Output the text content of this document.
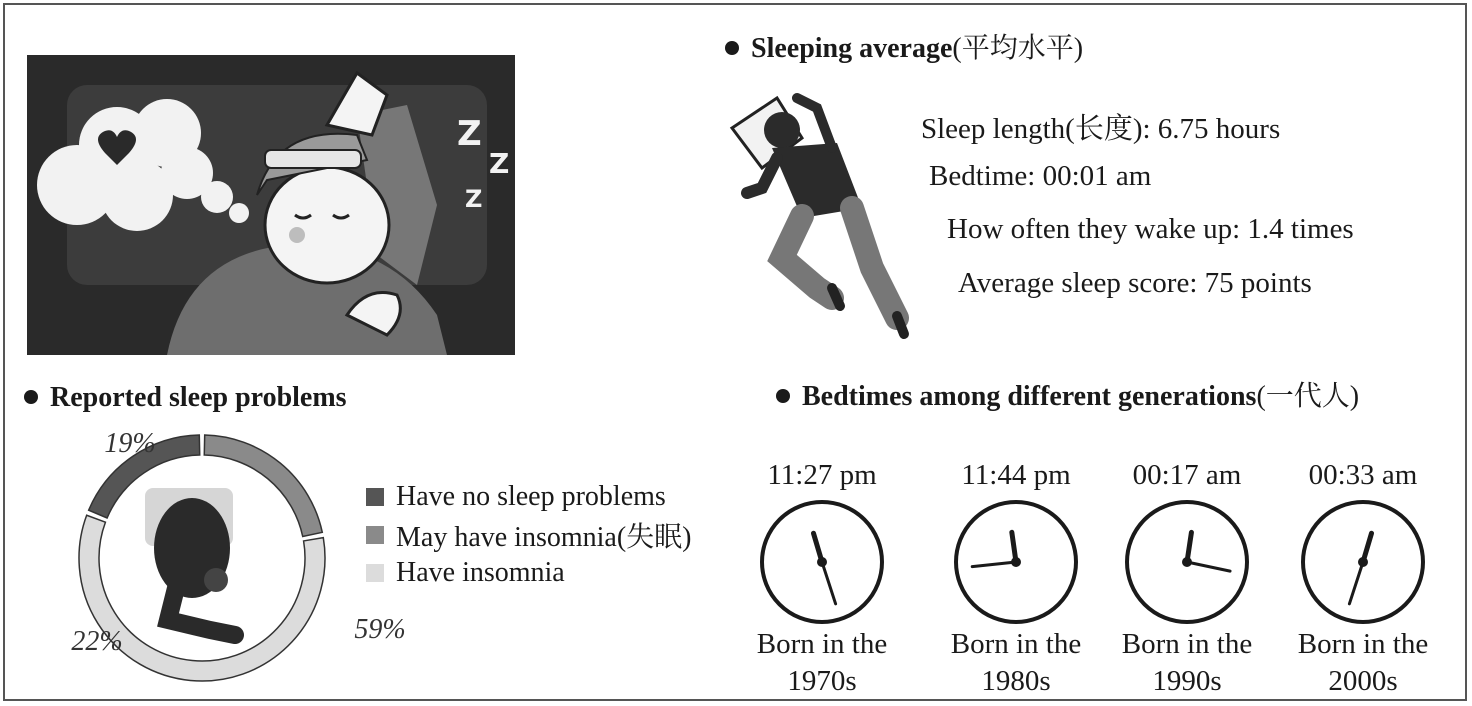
Z
Z
Z
Sleeping average(平均水平)
Sleep length(长度): 6.75 hours
Bedtime: 00:01 am
How often they wake up: 1.4 times
Average sleep score: 75 points
Reported sleep problems
19%
22%	59%
Have no sleep problems
May have insomnia(失眠)
Have insomnia
Bedtimes among different generations(一代人)
11:27 pm
Born in the 1970s
11:44 pm
Born in the 1980s
00:17 am
Born in the 1990s
00:33 am
Born in the 2000s
